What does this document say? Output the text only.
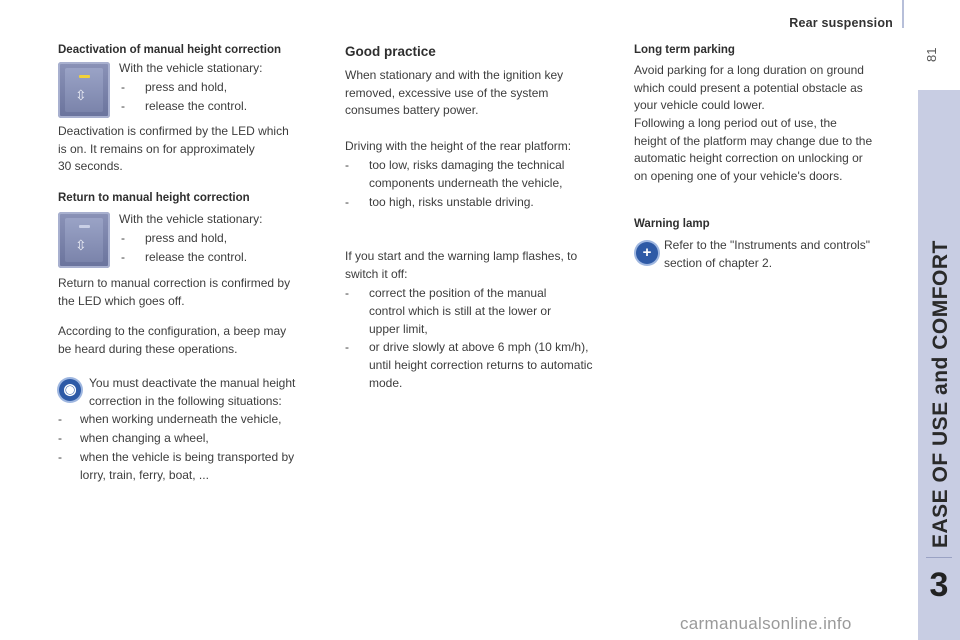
Rear suspension
81
EASE OF USE and COMFORT
3
Deactivation of manual height correction
⇳

With the vehicle stationary:

- press and hold,
- release the control.
Deactivation is confirmed by the LED which
is on. It remains on for approximately
30 seconds.
Return to manual height correction
⇳

With the vehicle stationary:

- press and hold,
- release the control.
Return to manual correction is confirmed by
the LED which goes off.
According to the configuration, a beep may
be heard during these operations.
◉	You must deactivate the manual height
correction in the following situations:
- when working underneath the vehicle,
- when changing a wheel,
- when the vehicle is being transported by
lorry, train, ferry, boat, ...
Good practice
When stationary and with the ignition key
removed, excessive use of the system
consumes battery power.

Driving with the height of the rear platform:

- too low, risks damaging the technical
components underneath the vehicle,
- too high, risks unstable driving.
If you start and the warning lamp flashes, to
switch it off:
- correct the position of the manual
control which is still at the lower or
upper limit,
- or drive slowly at above 6 mph (10 km/h),
until height correction returns to automatic
mode.
Long term parking
Avoid parking for a long duration on ground
which could present a potential obstacle as
your vehicle could lower.
Following a long period out of use, the
height of the platform may change due to the
automatic height correction on unlocking or
on opening one of your vehicle's doors.
Warning lamp
+	Refer to the "Instruments and controls"
section of chapter 2.
carmanualsonline.info
